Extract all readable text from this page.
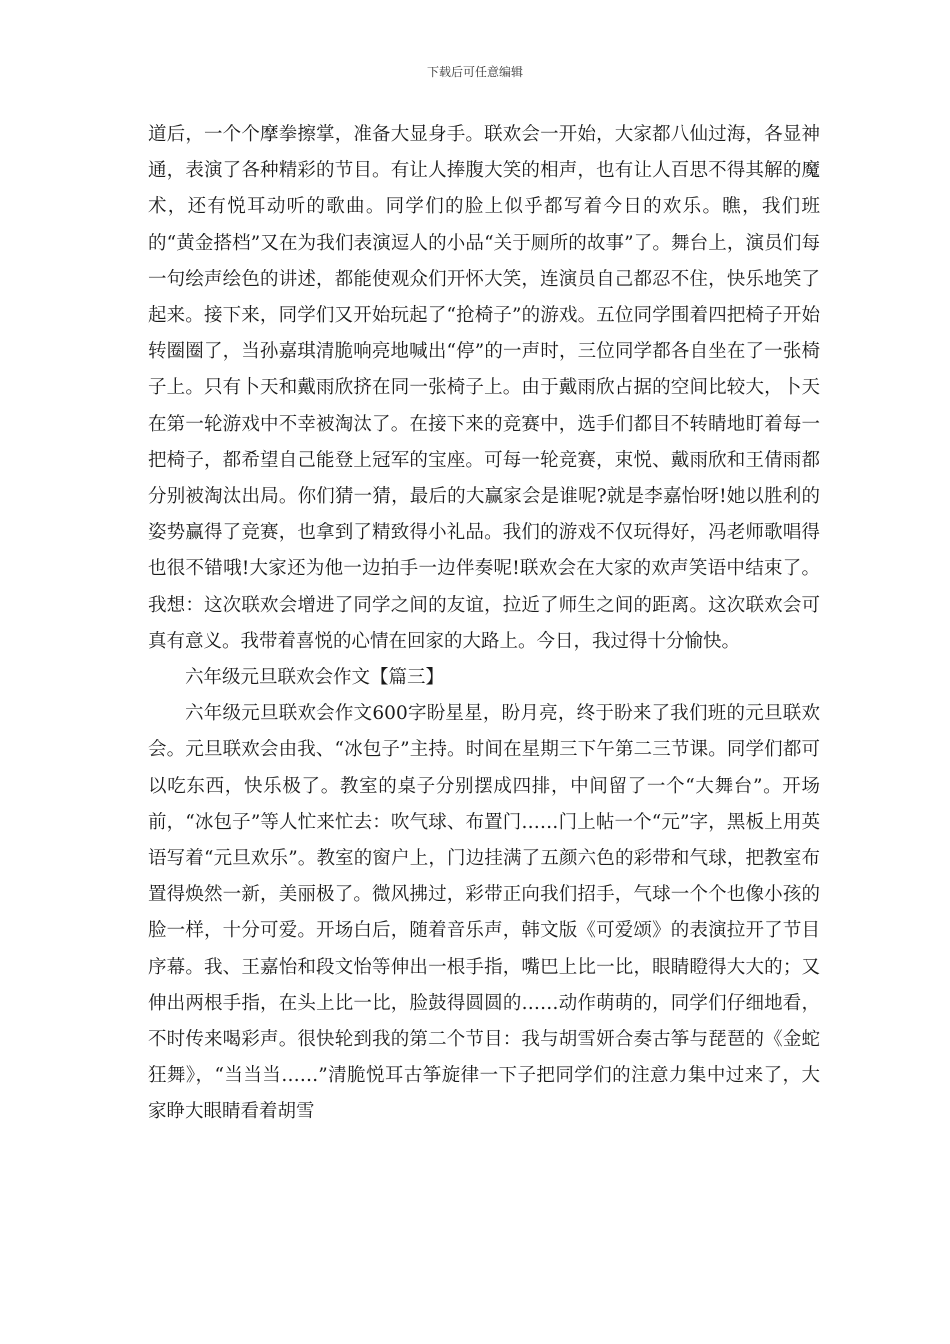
下载后可任意编辑

道后，一个个摩拳擦掌，准备大显身手。联欢会一开始，大家都八仙过海，各显神通，表演了各种精彩的节目。有让人捧腹大笑的相声，也有让人百思不得其解的魔术，还有悦耳动听的歌曲。同学们的脸上似乎都写着今日的欢乐。瞧，我们班的“黄金搭档”又在为我们表演逗人的小品“关于厕所的故事”了。舞台上，演员们每一句绘声绘色的讲述，都能使观众们开怀大笑，连演员自己都忍不住，快乐地笑了起来。接下来，同学们又开始玩起了“抢椅子”的游戏。五位同学围着四把椅子开始转圈圈了，当孙嘉琪清脆响亮地喊出“停”的一声时，三位同学都各自坐在了一张椅子上。只有卜天和戴雨欣挤在同一张椅子上。由于戴雨欣占据的空间比较大，卜天在第一轮游戏中不幸被淘汰了。在接下来的竞赛中，选手们都目不转睛地盯着每一把椅子，都希望自己能登上冠军的宝座。可每一轮竞赛，束悦、戴雨欣和王倩雨都分别被淘汰出局。你们猜一猜，最后的大赢家会是谁呢?就是李嘉怡呀!她以胜利的姿势赢得了竞赛，也拿到了精致得小礼品。我们的游戏不仅玩得好，冯老师歌唱得也很不错哦!大家还为他一边拍手一边伴奏呢!联欢会在大家的欢声笑语中结束了。我想：这次联欢会增进了同学之间的友谊，拉近了师生之间的距离。这次联欢会可真有意义。我带着喜悦的心情在回家的大路上。今日，我过得十分愉快。

六年级元旦联欢会作文【篇三】

六年级元旦联欢会作文600字盼星星，盼月亮，终于盼来了我们班的元旦联欢会。元旦联欢会由我、“冰包子”主持。时间在星期三下午第二三节课。同学们都可以吃东西，快乐极了。教室的桌子分别摆成四排，中间留了一个“大舞台”。开场前，“冰包子”等人忙来忙去：吹气球、布置门……门上帖一个“元”字，黑板上用英语写着“元旦欢乐”。教室的窗户上，门边挂满了五颜六色的彩带和气球，把教室布置得焕然一新，美丽极了。微风拂过，彩带正向我们招手，气球一个个也像小孩的脸一样，十分可爱。开场白后，随着音乐声，韩文版《可爱颂》的表演拉开了节目序幕。我、王嘉怡和段文怡等伸出一根手指，嘴巴上比一比，眼睛瞪得大大的；又伸出两根手指，在头上比一比，脸鼓得圆圆的……动作萌萌的，同学们仔细地看，不时传来喝彩声。很快轮到我的第二个节目：我与胡雪妍合奏古筝与琵琶的《金蛇狂舞》，“当当当……”清脆悦耳古筝旋律一下子把同学们的注意力集中过来了，大家睁大眼睛看着胡雪
